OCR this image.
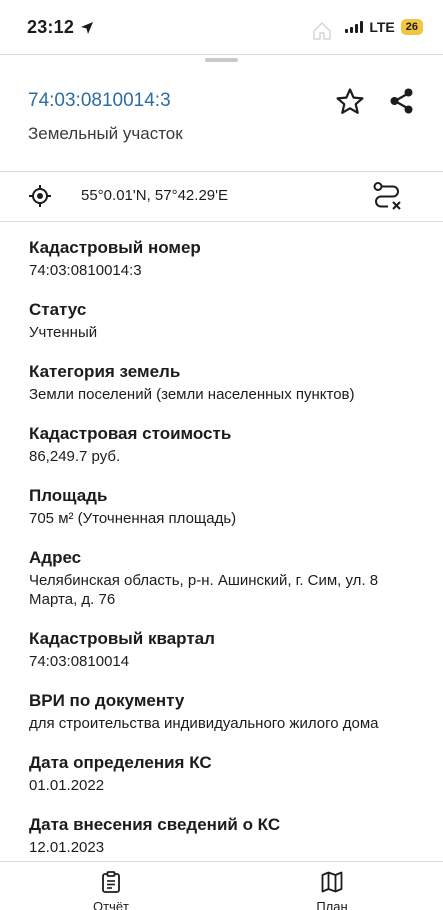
23:12	LTE	26
74:03:0810014:3
Земельный участок
55°0.01'N, 57°42.29'E
Кадастровый номер
74:03:0810014:3
Статус
Учтенный
Категория земель
Земли поселений (земли населенных пунктов)
Кадастровая стоимость
86,249.7 руб.
Площадь
705 м² (Уточненная площадь)
Адрес
Челябинская область, р-н. Ашинский, г. Сим, ул. 8 Марта, д. 76
Кадастровый квартал
74:03:0810014
ВРИ по документу
для строительства индивидуального жилого дома
Дата определения КС
01.01.2022
Дата внесения сведений о КС
12.01.2023
Отчёт	План
